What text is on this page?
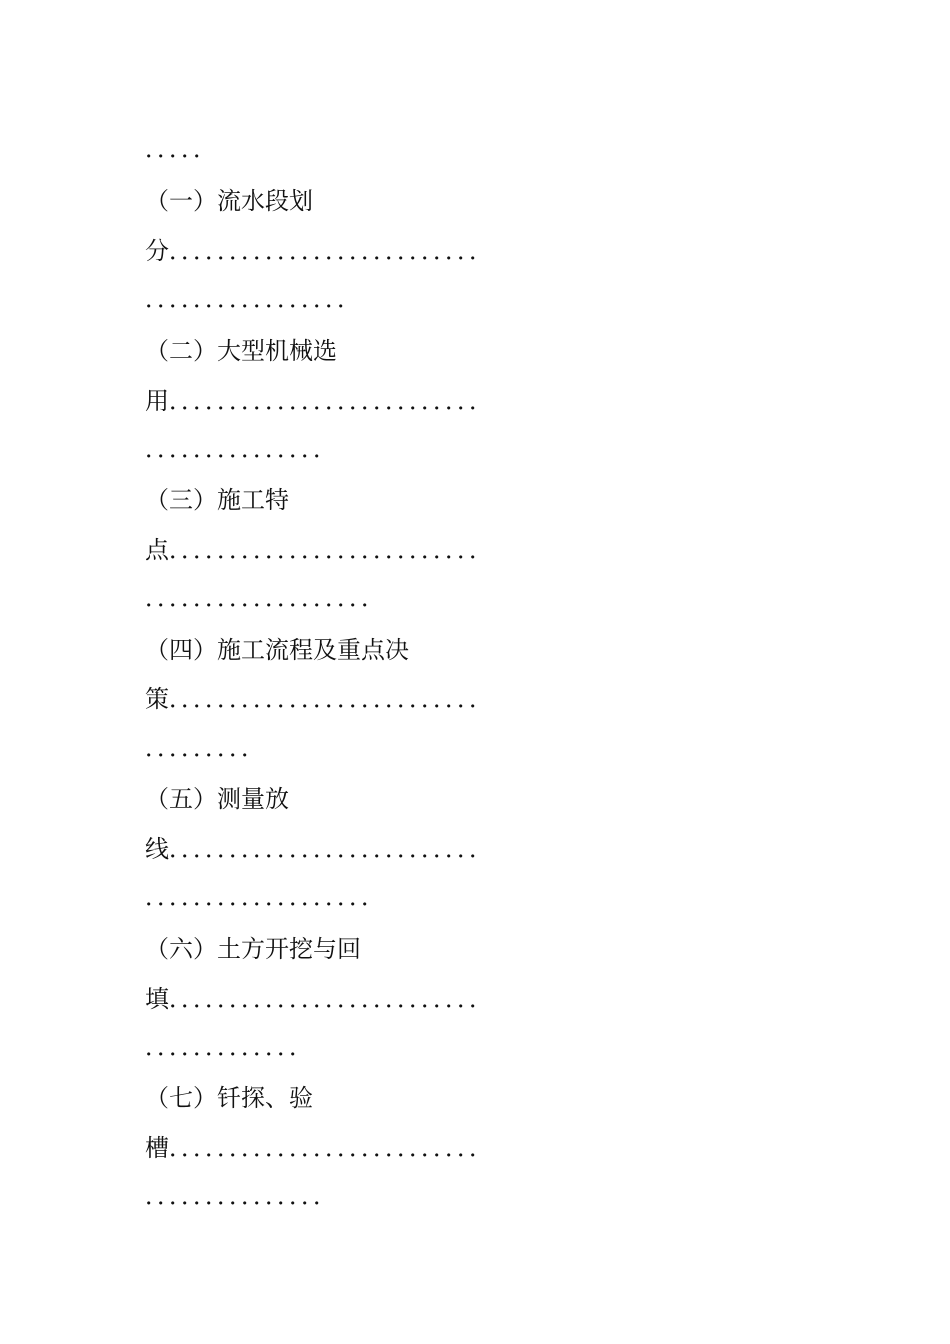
．．．．．
（一）流水段划
分．．．．．．．．．．．．．．．．．．．．．．．．．．
．．．．．．．．．．．．．．．．．
（二）大型机械选
用．．．．．．．．．．．．．．．．．．．．．．．．．．
．．．．．．．．．．．．．．．
（三）施工特
点．．．．．．．．．．．．．．．．．．．．．．．．．．
．．．．．．．．．．．．．．．．．．．
（四）施工流程及重点决
策．．．．．．．．．．．．．．．．．．．．．．．．．．
．．．．．．．．．
（五）测量放
线．．．．．．．．．．．．．．．．．．．．．．．．．．
．．．．．．．．．．．．．．．．．．．
（六）土方开挖与回
填．．．．．．．．．．．．．．．．．．．．．．．．．．
．．．．．．．．．．．．．
（七）钎探、验
槽．．．．．．．．．．．．．．．．．．．．．．．．．．
．．．．．．．．．．．．．．．
